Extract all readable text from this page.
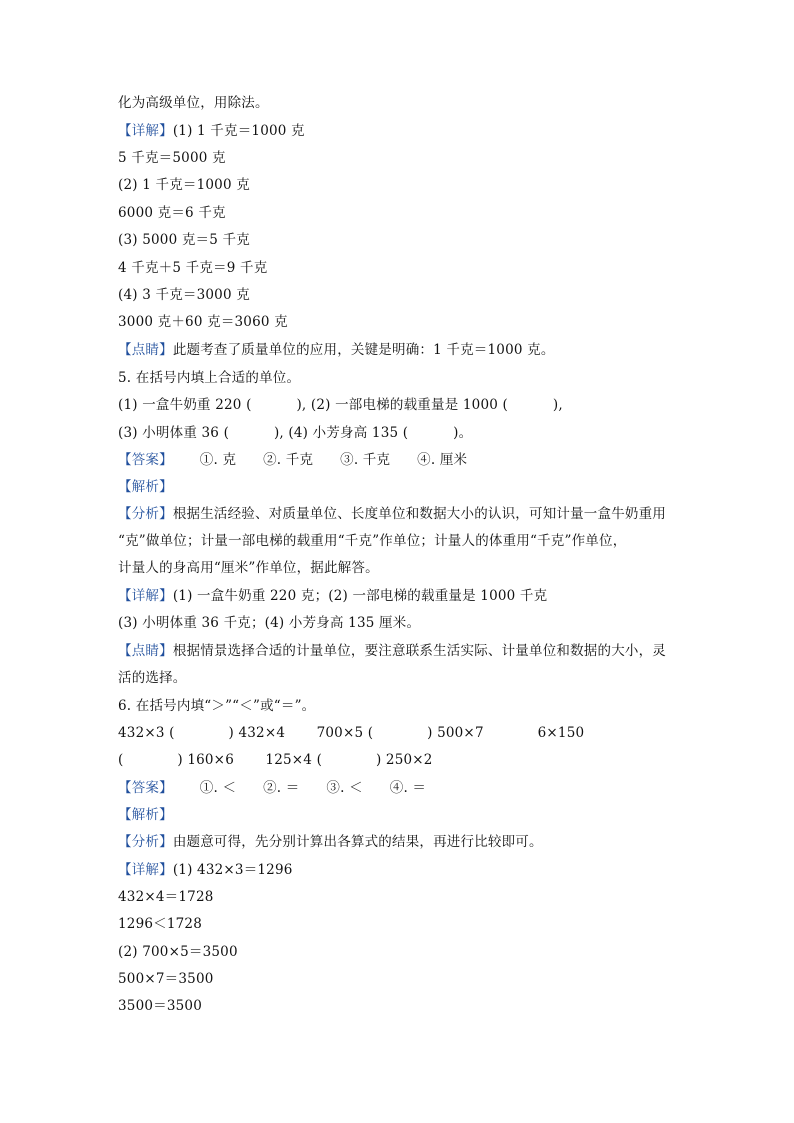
化为高级单位，用除法。
【详解】(1) 1 千克＝1000 克
5 千克＝5000 克
(2) 1 千克＝1000 克
6000 克＝6 千克
(3) 5000 克＝5 千克
4 千克＋5 千克＝9 千克
(4) 3 千克＝3000 克
3000 克＋60 克＝3060 克
【点睛】此题考查了质量单位的应用，关键是明确：1 千克＝1000 克。
5. 在括号内填上合适的单位。
(1) 一盒牛奶重 220 (          ), (2) 一部电梯的载重量是 1000 (          ),
(3) 小明体重 36 (          ), (4) 小芳身高 135 (          )。
【答案】      ①. 克      ②. 千克      ③. 千克      ④. 厘米
【解析】
【分析】根据生活经验、对质量单位、长度单位和数据大小的认识，可知计量一盒牛奶重用
“克”做单位；计量一部电梯的载重用“千克”作单位；计量人的体重用“千克”作单位，
计量人的身高用“厘米”作单位，据此解答。
【详解】(1) 一盒牛奶重 220 克；(2) 一部电梯的载重量是 1000 千克
(3) 小明体重 36 千克；(4) 小芳身高 135 厘米。
【点睛】根据情景选择合适的计量单位，要注意联系生活实际、计量单位和数据的大小，灵
活的选择。
6. 在括号内填“＞”“＜”或“＝”。
432×3 (            ) 432×4       700×5 (            ) 500×7            6×150
(            ) 160×6       125×4 (            ) 250×2
【答案】      ①. ＜      ②. ＝      ③. ＜      ④. ＝
【解析】
【分析】由题意可得，先分别计算出各算式的结果，再进行比较即可。
【详解】(1) 432×3＝1296
432×4＝1728
1296＜1728
(2) 700×5＝3500
500×7＝3500
3500＝3500
